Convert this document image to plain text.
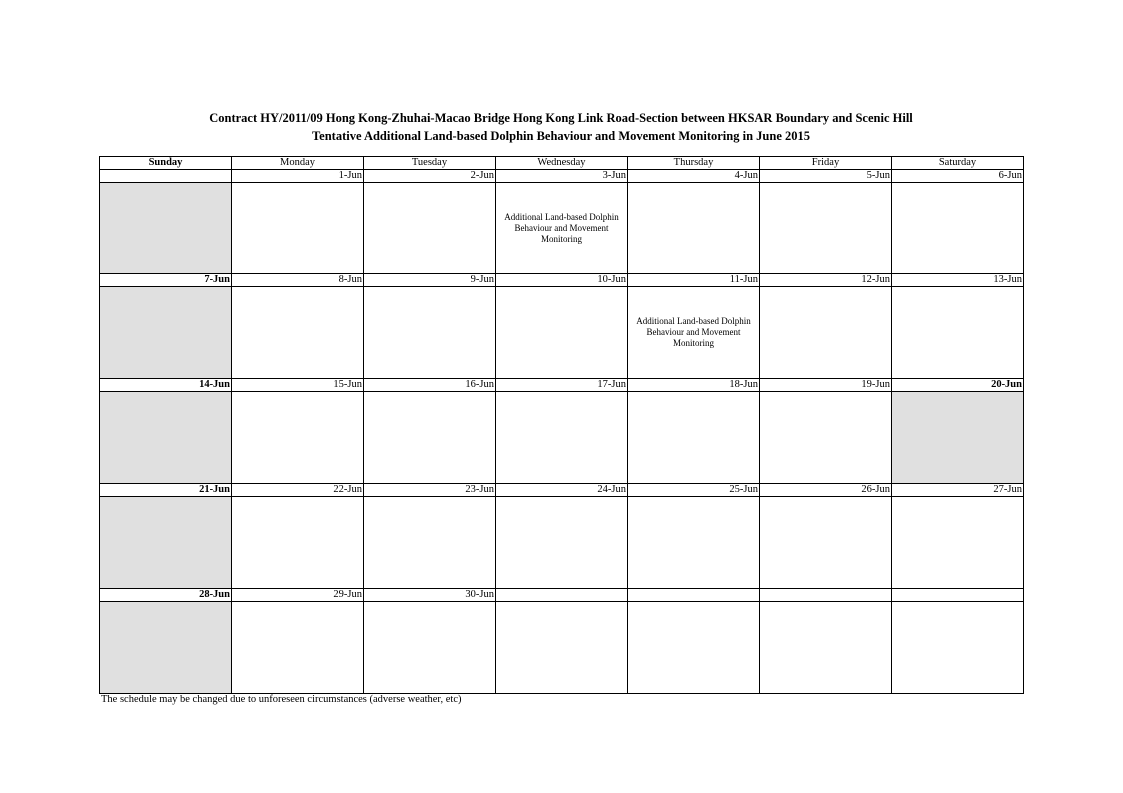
Contract HY/2011/09 Hong Kong-Zhuhai-Macao Bridge Hong Kong Link Road-Section between HKSAR Boundary and Scenic Hill
Tentative Additional Land-based Dolphin Behaviour and Movement Monitoring in June 2015
Sunday	Monday	Tuesday	Wednesday	Thursday	Friday	Saturday
	1-Jun	2-Jun	3-Jun	4-Jun	5-Jun	6-Jun
			Additional Land-based Dolphin Behaviour and Movement Monitoring			
7-Jun	8-Jun	9-Jun	10-Jun	11-Jun	12-Jun	13-Jun
				Additional Land-based Dolphin Behaviour and Movement Monitoring		
14-Jun	15-Jun	16-Jun	17-Jun	18-Jun	19-Jun	20-Jun

21-Jun	22-Jun	23-Jun	24-Jun	25-Jun	26-Jun	27-Jun

28-Jun	29-Jun	30-Jun				

The schedule may be changed due to unforeseen circumstances (adverse weather, etc)
